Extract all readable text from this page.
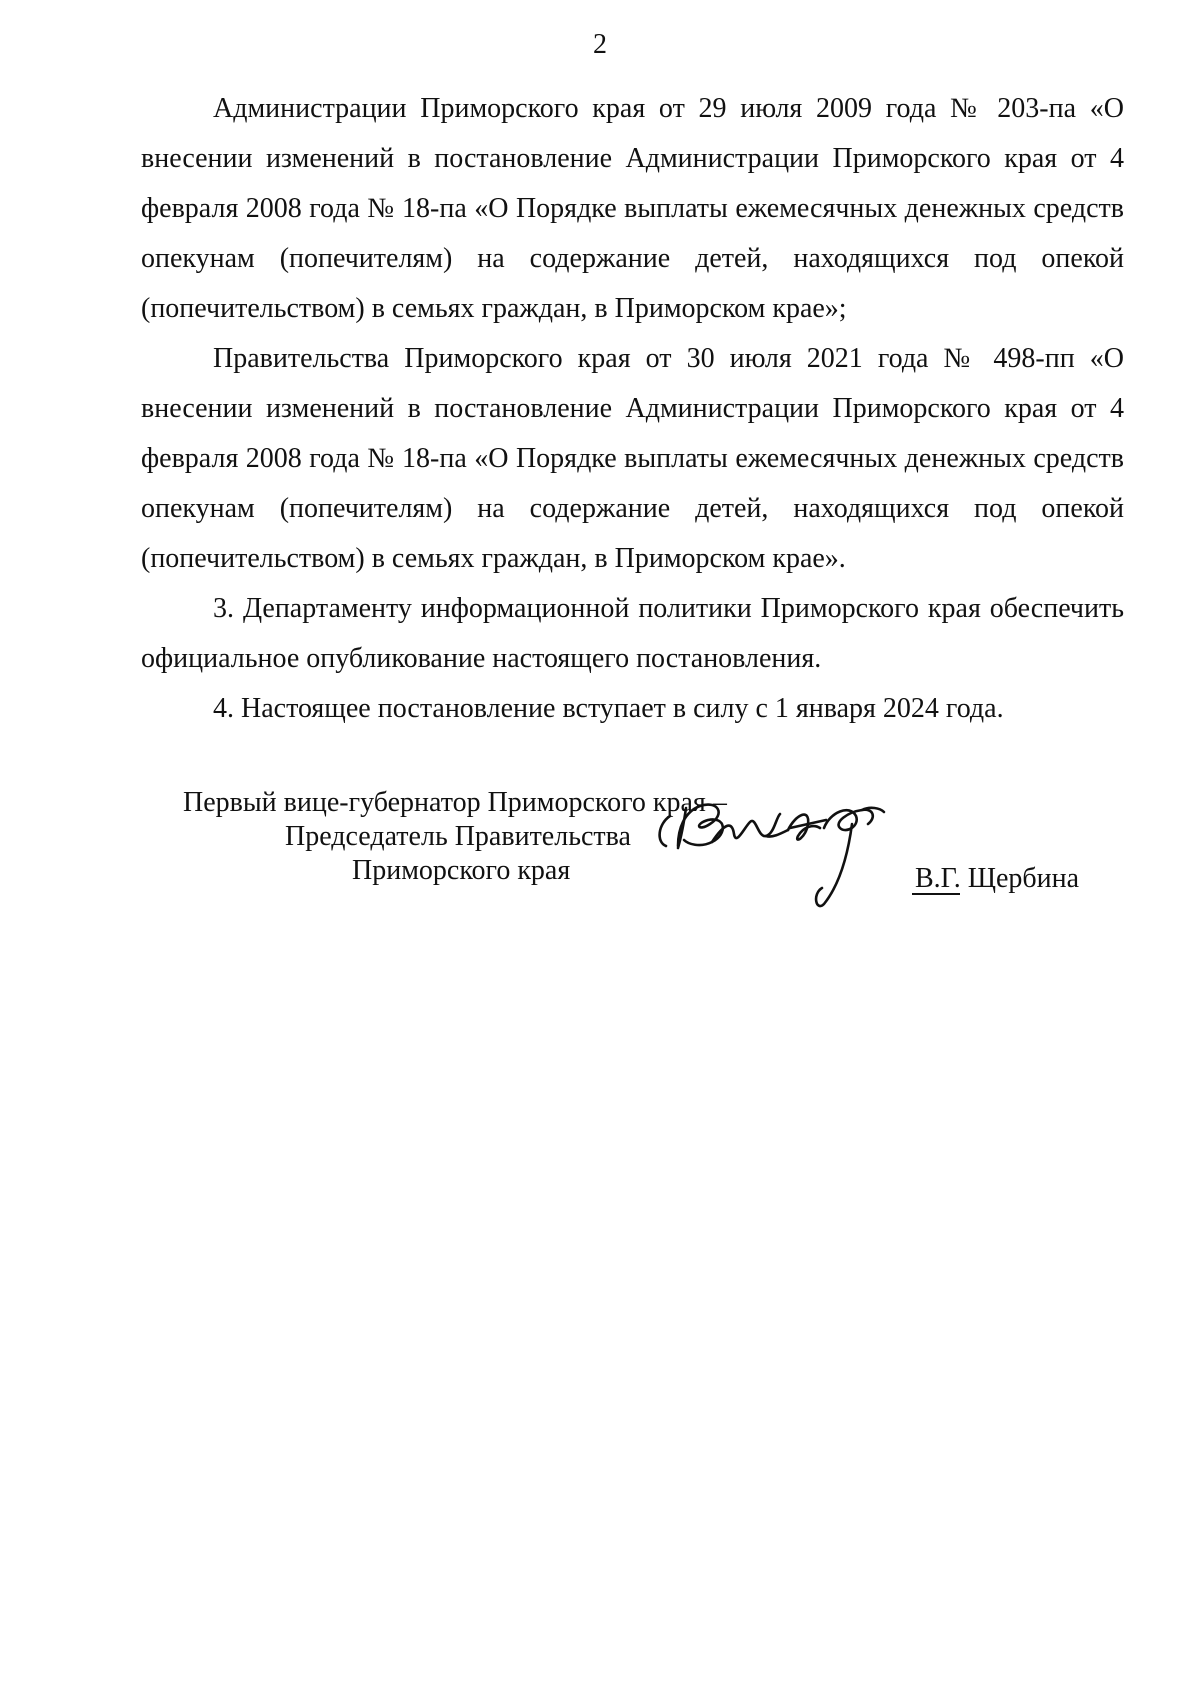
2

Администрации Приморского края от 29 июля 2009 года № 203-па «О внесении изменений в постановление Администрации Приморского края от 4 февраля 2008 года № 18-па «О Порядке выплаты ежемесячных денежных средств опекунам (попечителям) на содержание детей, находящихся под опекой (попечительством) в семьях граждан, в Приморском крае»;

Правительства Приморского края от 30 июля 2021 года № 498-пп «О внесении изменений в постановление Администрации Приморского края от 4 февраля 2008 года № 18-па «О Порядке выплаты ежемесячных денежных средств опекунам (попечителям) на содержание детей, находящихся под опекой (попечительством) в семьях граждан, в Приморском крае».

3. Департаменту информационной политики Приморского края обеспечить официальное опубликование настоящего постановления.

4. Настоящее постановление вступает в силу с 1 января 2024 года.

Первый вице-губернатор Приморского края –
Председатель Правительства
Приморского края	В.Г. Щербина
